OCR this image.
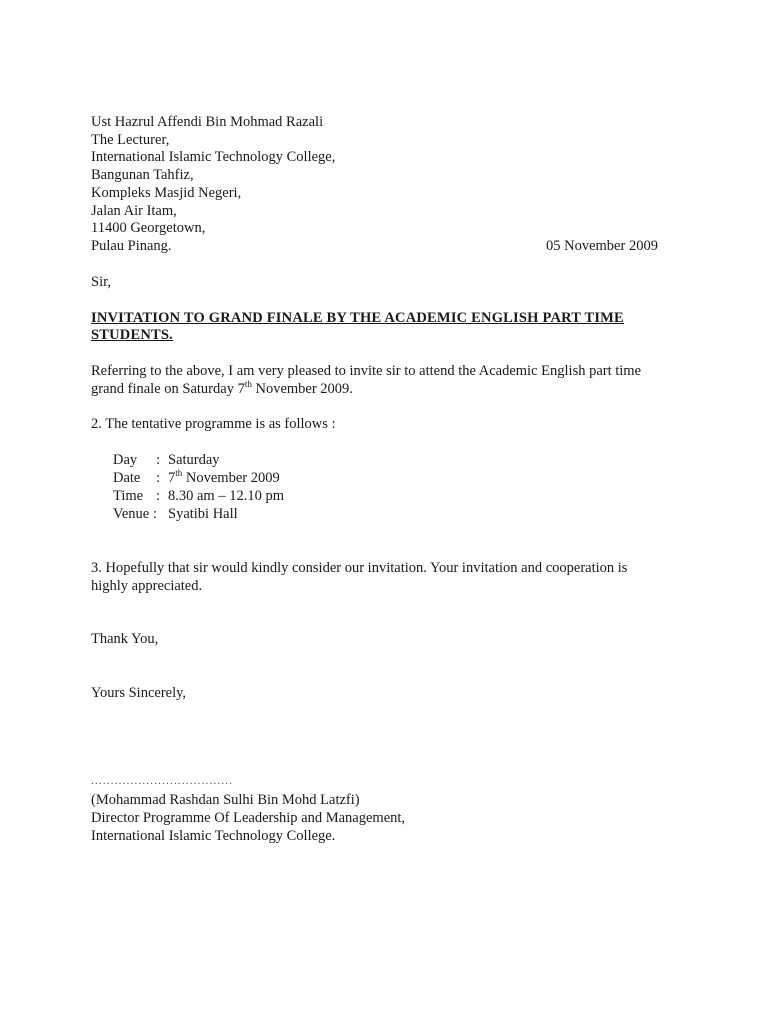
Ust Hazrul Affendi Bin Mohmad Razali
The Lecturer,
International Islamic Technology College,
Bangunan Tahfiz,
Kompleks Masjid Negeri,
Jalan Air Itam,
11400 Georgetown,
Pulau Pinang.	05 November 2009
Sir,
INVITATION TO GRAND FINALE BY THE ACADEMIC ENGLISH PART TIME
STUDENTS.
Referring to the above, I am very pleased to invite sir to attend the Academic English part time
grand finale on Saturday 7th November 2009.
2. The tentative programme is as follows :
Day : Saturday
Date : 7th November 2009
Time : 8.30 am – 12.10 pm
Venue : Syatibi Hall
3. Hopefully that sir would kindly consider our invitation. Your invitation and cooperation is
highly appreciated.
Thank You,
Yours Sincerely,
....................................
(Mohammad Rashdan Sulhi Bin Mohd Latzfi)
Director Programme Of Leadership and Management,
International Islamic Technology College.
